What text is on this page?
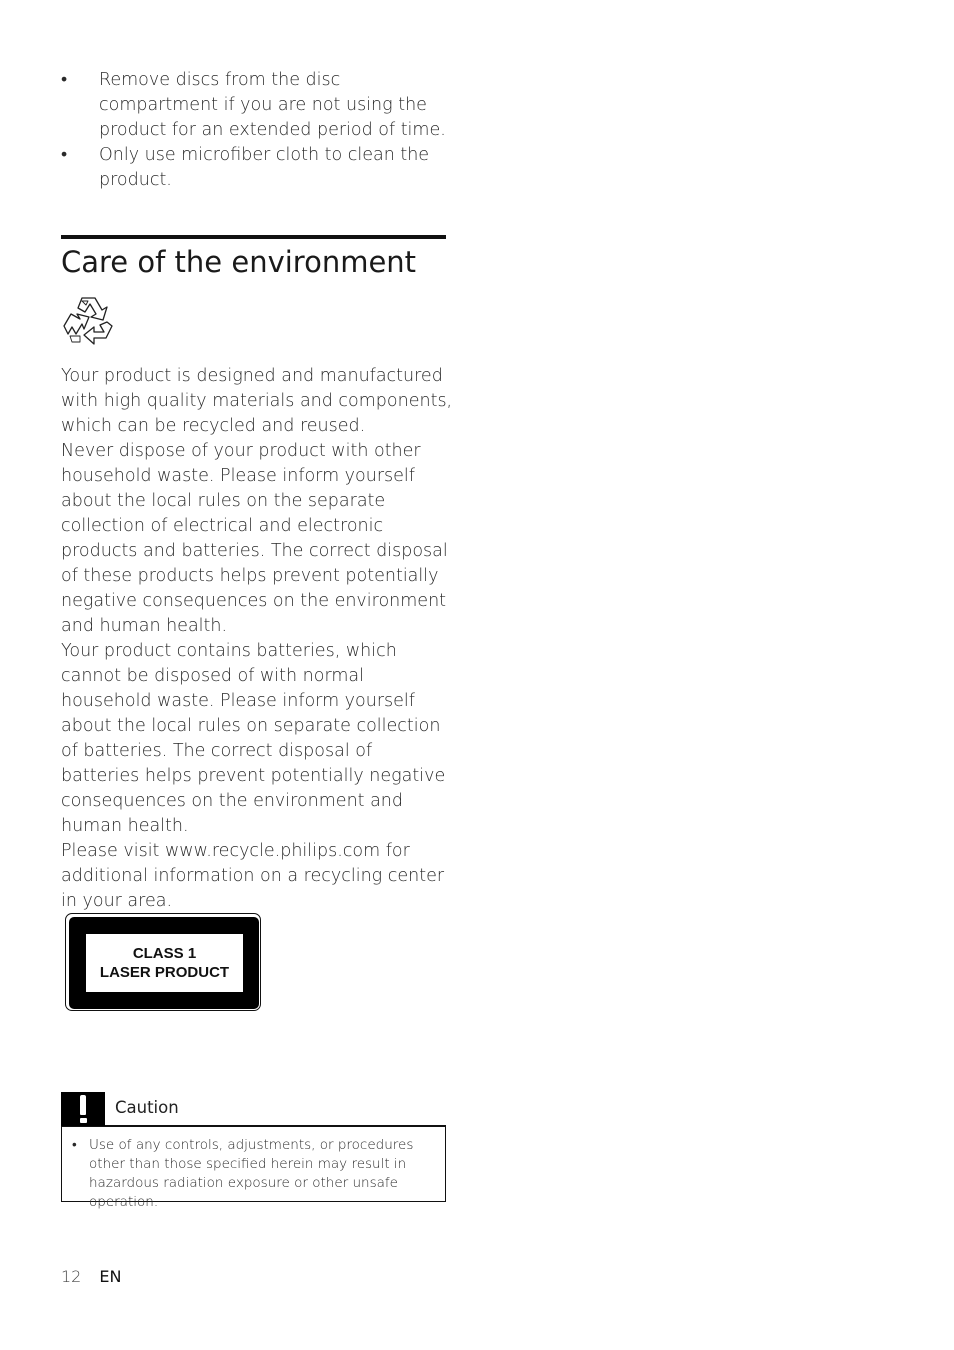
• Remove discs from the disc compartment if you are not using the product for an extended period of time.
• Only use microfiber cloth to clean the product.
Care of the environment

Your product is designed and manufactured with high quality materials and components, which can be recycled and reused.

Never dispose of your product with other household waste. Please inform yourself about the local rules on the separate collection of electrical and electronic products and batteries. The correct disposal of these products helps prevent potentially negative consequences on the environment and human health.

Your product contains batteries, which cannot be disposed of with normal household waste. Please inform yourself about the local rules on separate collection of batteries. The correct disposal of batteries helps prevent potentially negative consequences on the environment and human health.

Please visit www.recycle.philips.com for additional information on a recycling center in your area.

CLASS 1
LASER PRODUCT
Caution
• Use of any controls, adjustments, or procedures other than those specified herein may result in hazardous radiation exposure or other unsafe operation.
12 EN
